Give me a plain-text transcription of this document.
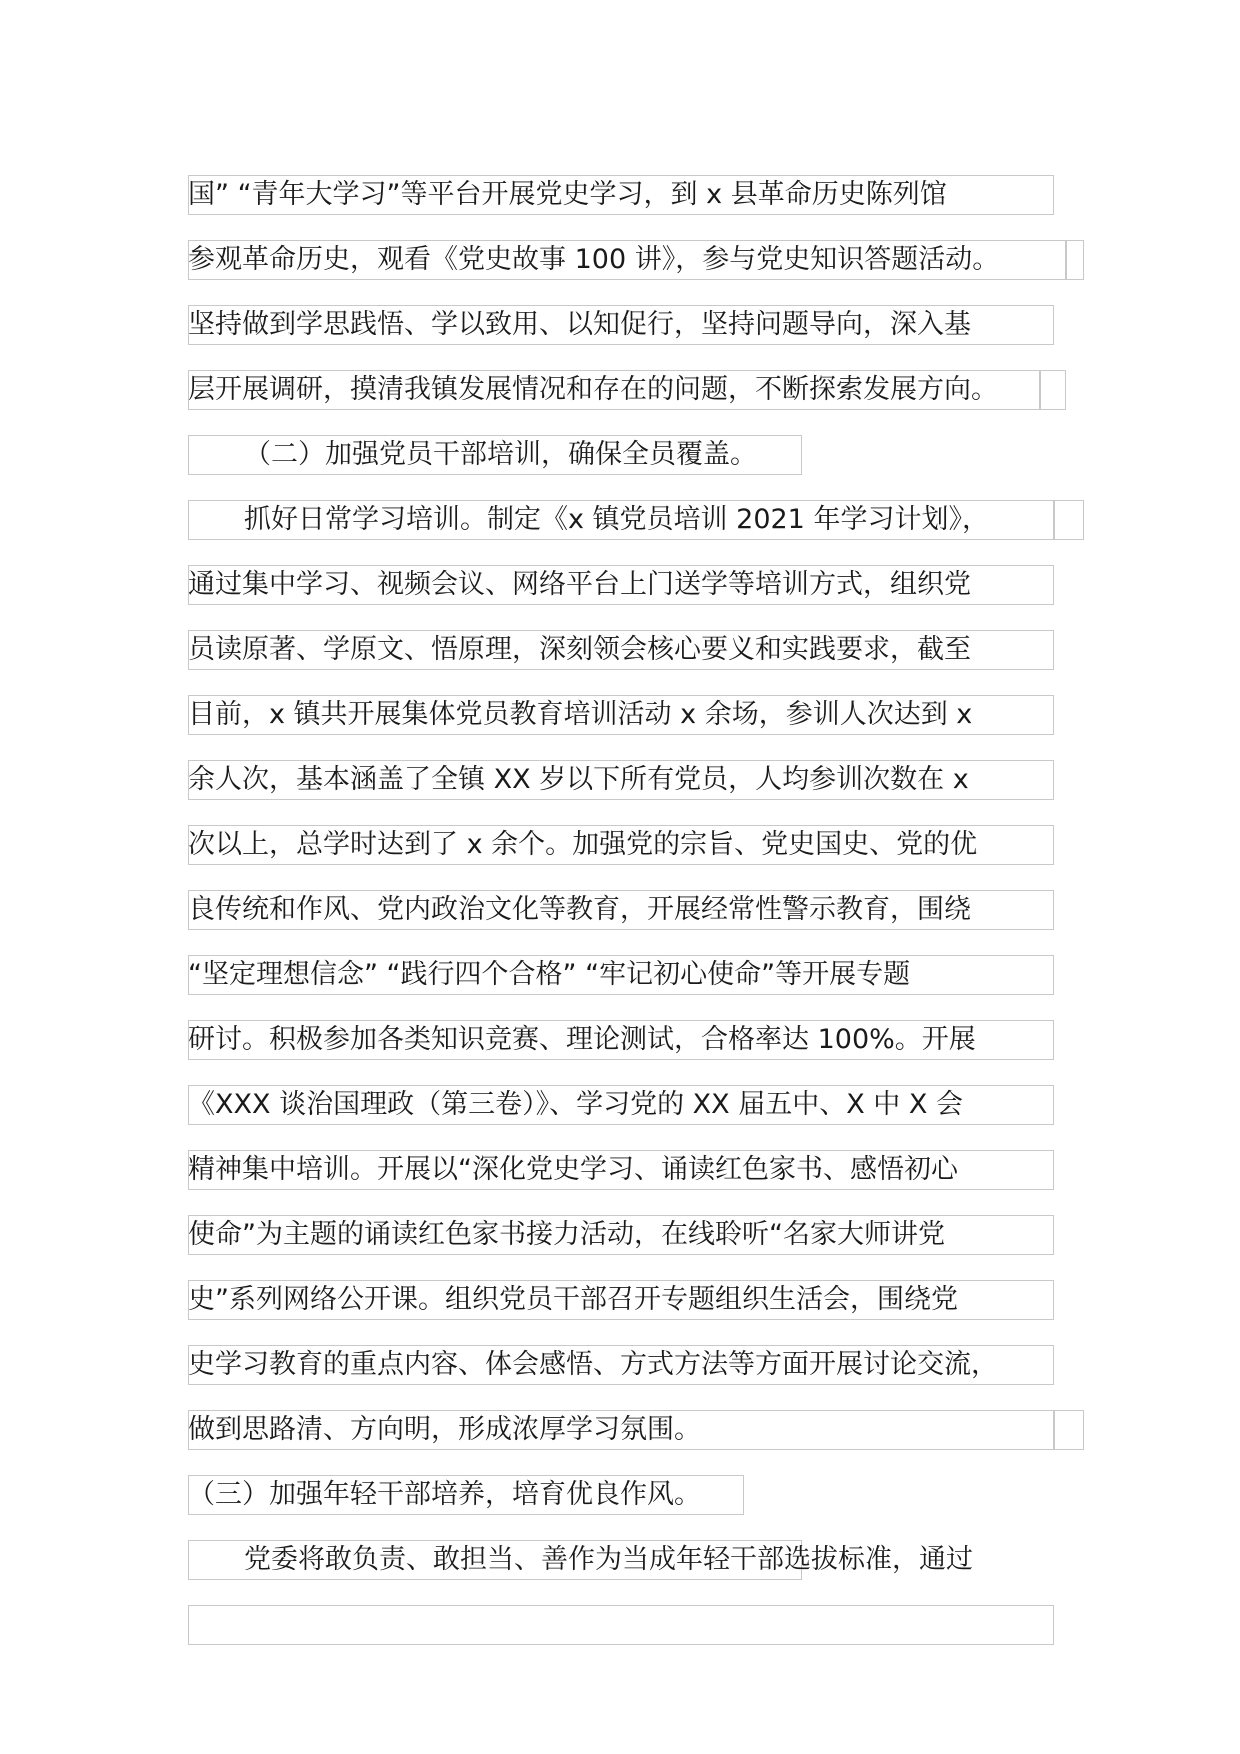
国” “青年大学习”等平台开展党史学习，到 x 县革命历史陈列馆
参观革命历史，观看《党史故事 100 讲》，参与党史知识答题活动。
坚持做到学思践悟、学以致用、以知促行，坚持问题导向，深入基
层开展调研，摸清我镇发展情况和存在的问题，不断探索发展方向。
（二）加强党员干部培训，确保全员覆盖。
抓好日常学习培训。制定《x 镇党员培训 2021 年学习计划》，
通过集中学习、视频会议、网络平台上门送学等培训方式，组织党
员读原著、学原文、悟原理，深刻领会核心要义和实践要求，截至
目前，x 镇共开展集体党员教育培训活动 x 余场，参训人次达到 x
余人次，基本涵盖了全镇 XX 岁以下所有党员，人均参训次数在 x
次以上，总学时达到了 x 余个。加强党的宗旨、党史国史、党的优
良传统和作风、党内政治文化等教育，开展经常性警示教育，围绕
“坚定理想信念” “践行四个合格” “牢记初心使命”等开展专题
研讨。积极参加各类知识竞赛、理论测试，合格率达 100%。开展
《XXX 谈治国理政（第三卷）》、学习党的 XX 届五中、X 中 X 会
精神集中培训。开展以“深化党史学习、诵读红色家书、感悟初心
使命”为主题的诵读红色家书接力活动，在线聆听“名家大师讲党
史”系列网络公开课。组织党员干部召开专题组织生活会，围绕党
史学习教育的重点内容、体会感悟、方式方法等方面开展讨论交流，
做到思路清、方向明，形成浓厚学习氛围。
（三）加强年轻干部培养，培育优良作风。
党委将敢负责、敢担当、善作为当成年轻干部选拔标准，通过
